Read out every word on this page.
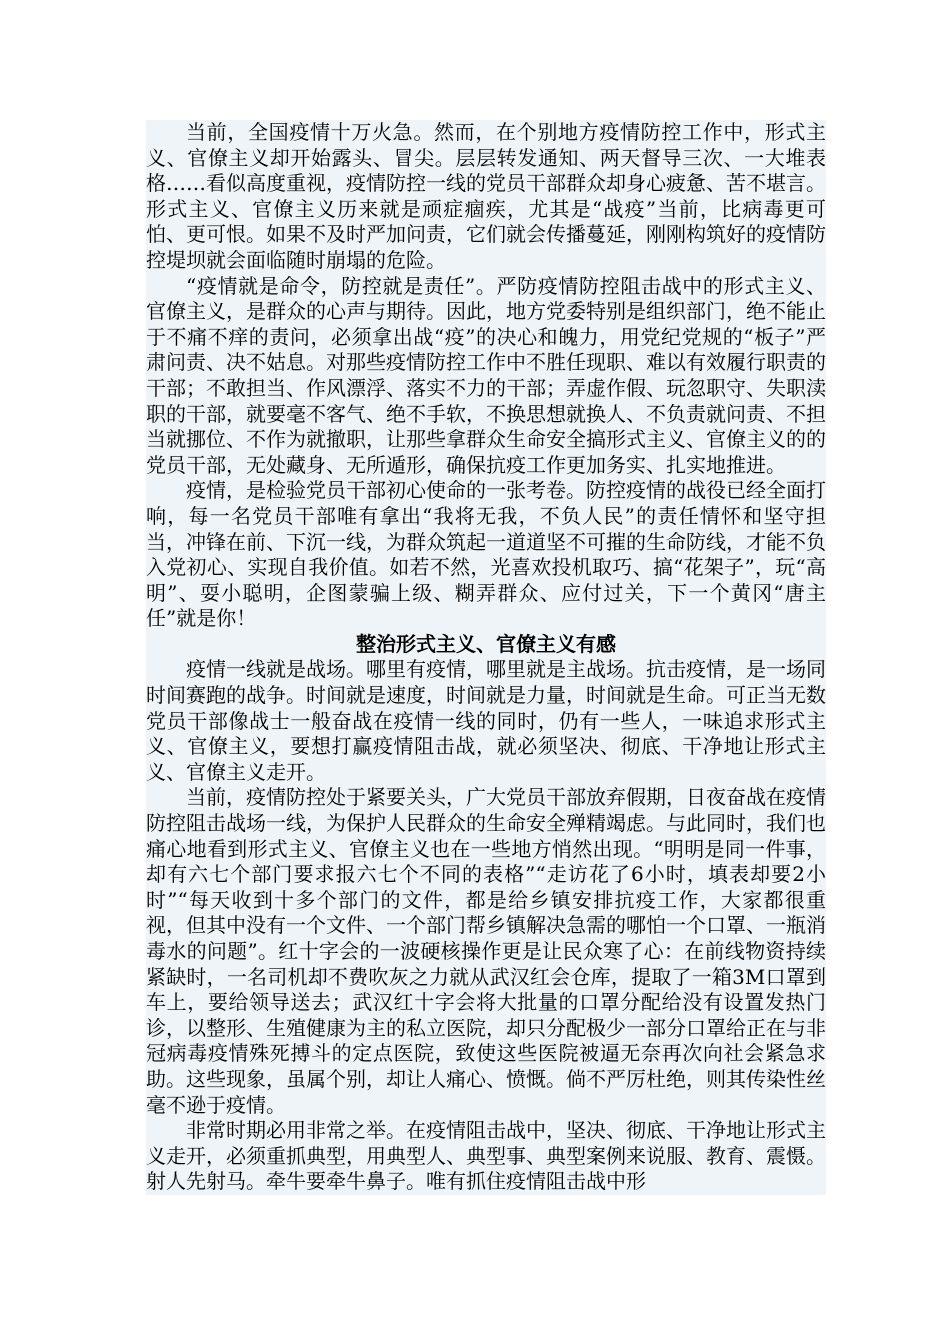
当前，全国疫情十万火急。然而，在个别地方疫情防控工作中，形式主义、官僚主义却开始露头、冒尖。层层转发通知、两天督导三次、一大堆表格……看似高度重视，疫情防控一线的党员干部群众却身心疲惫、苦不堪言。形式主义、官僚主义历来就是顽症痼疾，尤其是“战疫”当前，比病毒更可怕、更可恨。如果不及时严加问责，它们就会传播蔓延，刚刚构筑好的疫情防控堤坝就会面临随时崩塌的危险。

“疫情就是命令，防控就是责任”。严防疫情防控阻击战中的形式主义、官僚主义，是群众的心声与期待。因此，地方党委特别是组织部门，绝不能止于不痛不痒的责问，必须拿出战“疫”的决心和魄力，用党纪党规的“板子”严肃问责、决不姑息。对那些疫情防控工作中不胜任现职、难以有效履行职责的干部；不敢担当、作风漂浮、落实不力的干部；弄虚作假、玩忽职守、失职渎职的干部，就要毫不客气、绝不手软，不换思想就换人、不负责就问责、不担当就挪位、不作为就撤职，让那些拿群众生命安全搞形式主义、官僚主义的的党员干部，无处藏身、无所遁形，确保抗疫工作更加务实、扎实地推进。

疫情，是检验党员干部初心使命的一张考卷。防控疫情的战役已经全面打响，每一名党员干部唯有拿出“我将无我，不负人民”的责任情怀和坚守担当，冲锋在前、下沉一线，为群众筑起一道道坚不可摧的生命防线，才能不负入党初心、实现自我价值。如若不然，光喜欢投机取巧、搞“花架子”，玩“高明”、耍小聪明，企图蒙骗上级、糊弄群众、应付过关，下一个黄冈“唐主任”就是你！

整治形式主义、官僚主义有感

疫情一线就是战场。哪里有疫情，哪里就是主战场。抗击疫情，是一场同时间赛跑的战争。时间就是速度，时间就是力量，时间就是生命。可正当无数党员干部像战士一般奋战在疫情一线的同时，仍有一些人，一味追求形式主义、官僚主义，要想打赢疫情阻击战，就必须坚决、彻底、干净地让形式主义、官僚主义走开。

当前，疫情防控处于紧要关头，广大党员干部放弃假期，日夜奋战在疫情防控阻击战场一线，为保护人民群众的生命安全殚精竭虑。与此同时，我们也痛心地看到形式主义、官僚主义也在一些地方悄然出现。“明明是同一件事，却有六七个部门要求报六七个不同的表格”“走访花了6小时，填表却要2小时”“每天收到十多个部门的文件，都是给乡镇安排抗疫工作，大家都很重视，但其中没有一个文件、一个部门帮乡镇解决急需的哪怕一个口罩、一瓶消毒水的问题”。红十字会的一波硬核操作更是让民众寒了心：在前线物资持续紧缺时，一名司机却不费吹灰之力就从武汉红会仓库，提取了一箱3M口罩到车上，要给领导送去；武汉红十字会将大批量的口罩分配给没有设置发热门诊，以整形、生殖健康为主的私立医院，却只分配极少一部分口罩给正在与非冠病毒疫情殊死搏斗的定点医院，致使这些医院被逼无奈再次向社会紧急求助。这些现象，虽属个别，却让人痛心、愤慨。倘不严厉杜绝，则其传染性丝毫不逊于疫情。

非常时期必用非常之举。在疫情阻击战中，坚决、彻底、干净地让形式主义走开，必须重抓典型，用典型人、典型事、典型案例来说服、教育、震慑。射人先射马。牵牛要牵牛鼻子。唯有抓住疫情阻击战中形
